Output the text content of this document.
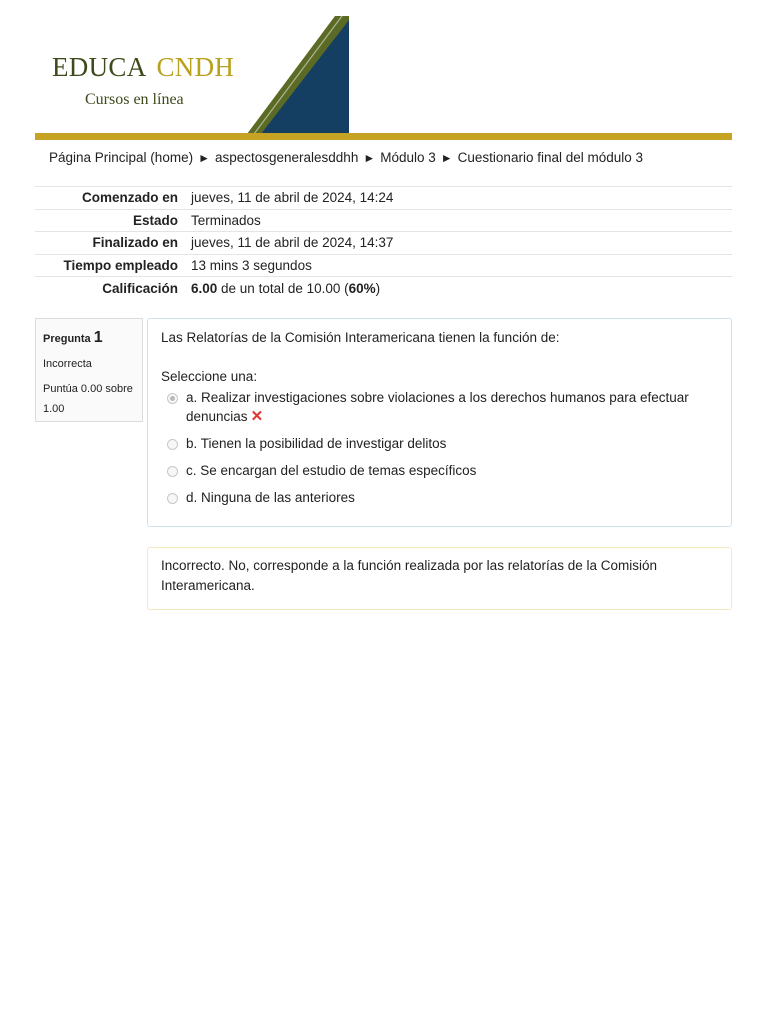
EDUCA CNDH
Cursos en línea
Página Principal (home) ► aspectosgeneralesddhh ► Módulo 3 ► Cuestionario final del módulo 3
Comenzado en	jueves, 11 de abril de 2024, 14:24
Estado	Terminados
Finalizado en	jueves, 11 de abril de 2024, 14:37
Tiempo empleado	13 mins 3 segundos
Calificación	6.00 de un total de 10.00 (60%)
Pregunta 1
Incorrecta
Puntúa 0.00 sobre 1.00
Las Relatorías de la Comisión Interamericana tienen la función de:
Seleccione una:
a. Realizar investigaciones sobre violaciones a los derechos humanos para efectuar denuncias ✕
b. Tienen la posibilidad de investigar delitos
c. Se encargan del estudio de temas específicos
d. Ninguna de las anteriores
Incorrecto. No, corresponde a la función realizada por las relatorías de la Comisión Interamericana.
